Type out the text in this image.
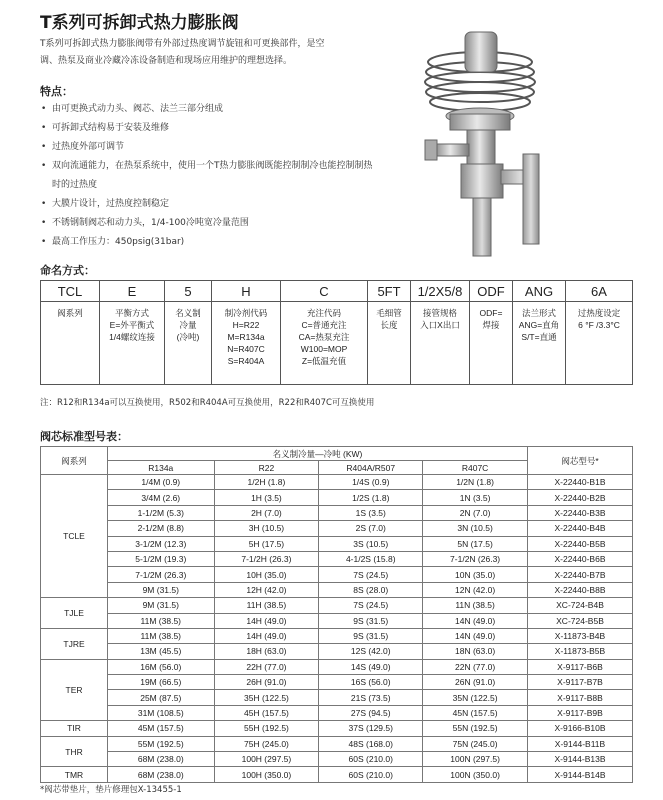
T系列可拆卸式热力膨胀阀
T系列可拆卸式热力膨胀阀带有外部过热度调节旋钮和可更换部件，是空调、热泵及商业冷藏冷冻设备制造和现场应用维护的理想选择。
特点：
• 由可更换式动力头、阀芯、法兰三部分组成
• 可拆卸式结构易于安装及维修
• 过热度外部可调节
• 双向流通能力，在热泵系统中，使用一个T热力膨胀阀既能控制制冷也能控制制热时的过热度
• 大膜片设计，过热度控制稳定
• 不锈钢制阀芯和动力头，1/4-100冷吨宽冷量范围
• 最高工作压力：450psig(31bar)
命名方式：
TCL	E	5	H	C	5FT	1/2X5/8	ODF	ANG	6A
阀系列	平衡方式
E=外平衡式
1/4螺纹连接	名义制
冷量
(冷吨)	制冷剂代码
H=R22
M=R134a
N=R407C
S=R404A	充注代码
C=普通充注
CA=热泵充注
W100=MOP
Z=低温充值	毛细管
长度	接管规格
入口X出口	ODF=
焊接	法兰形式
ANG=直角
S/T=直通	过热度设定
6 °F /3.3°C
注：R12和R134a可以互换使用，R502和R404A可互换使用，R22和R407C可互换使用
阀芯标准型号表：
阀系列	名义制冷量—冷吨 (KW)				阀芯型号*
	R134a	R22	R404A/R507	R407C	
TCLE	1/4M (0.9)	1/2H (1.8)	1/4S (0.9)	1/2N (1.8)	X-22440-B1B
	3/4M (2.6)	1H (3.5)	1/2S (1.8)	1N (3.5)	X-22440-B2B
	1-1/2M (5.3)	2H (7.0)	1S (3.5)	2N (7.0)	X-22440-B3B
	2-1/2M (8.8)	3H (10.5)	2S (7.0)	3N (10.5)	X-22440-B4B
	3-1/2M (12.3)	5H (17.5)	3S (10.5)	5N (17.5)	X-22440-B5B
	5-1/2M (19.3)	7-1/2H (26.3)	4-1/2S (15.8)	7-1/2N (26.3)	X-22440-B6B
	7-1/2M (26.3)	10H (35.0)	7S (24.5)	10N (35.0)	X-22440-B7B
	9M (31.5)	12H (42.0)	8S (28.0)	12N (42.0)	X-22440-B8B
TJLE	9M (31.5)	11H (38.5)	7S (24.5)	11N (38.5)	XC-724-B4B
	11M (38.5)	14H (49.0)	9S (31.5)	14N (49.0)	XC-724-B5B
TJRE	11M (38.5)	14H (49.0)	9S (31.5)	14N (49.0)	X-11873-B4B
	13M (45.5)	18H (63.0)	12S (42.0)	18N (63.0)	X-11873-B5B
TER	16M (56.0)	22H (77.0)	14S (49.0)	22N (77.0)	X-9117-B6B
	19M (66.5)	26H (91.0)	16S (56.0)	26N (91.0)	X-9117-B7B
	25M (87.5)	35H (122.5)	21S (73.5)	35N (122.5)	X-9117-B8B
	31M (108.5)	45H (157.5)	27S (94.5)	45N (157.5)	X-9117-B9B
TIR	45M (157.5)	55H (192.5)	37S (129.5)	55N (192.5)	X-9166-B10B
THR	55M (192.5)	75H (245.0)	48S (168.0)	75N (245.0)	X-9144-B11B
	68M (238.0)	100H (297.5)	60S (210.0)	100N (297.5)	X-9144-B13B
TMR	68M (238.0)	100H (350.0)	60S (210.0)	100N (350.0)	X-9144-B14B
*阀芯带垫片，垫片修理包X-13455-1
